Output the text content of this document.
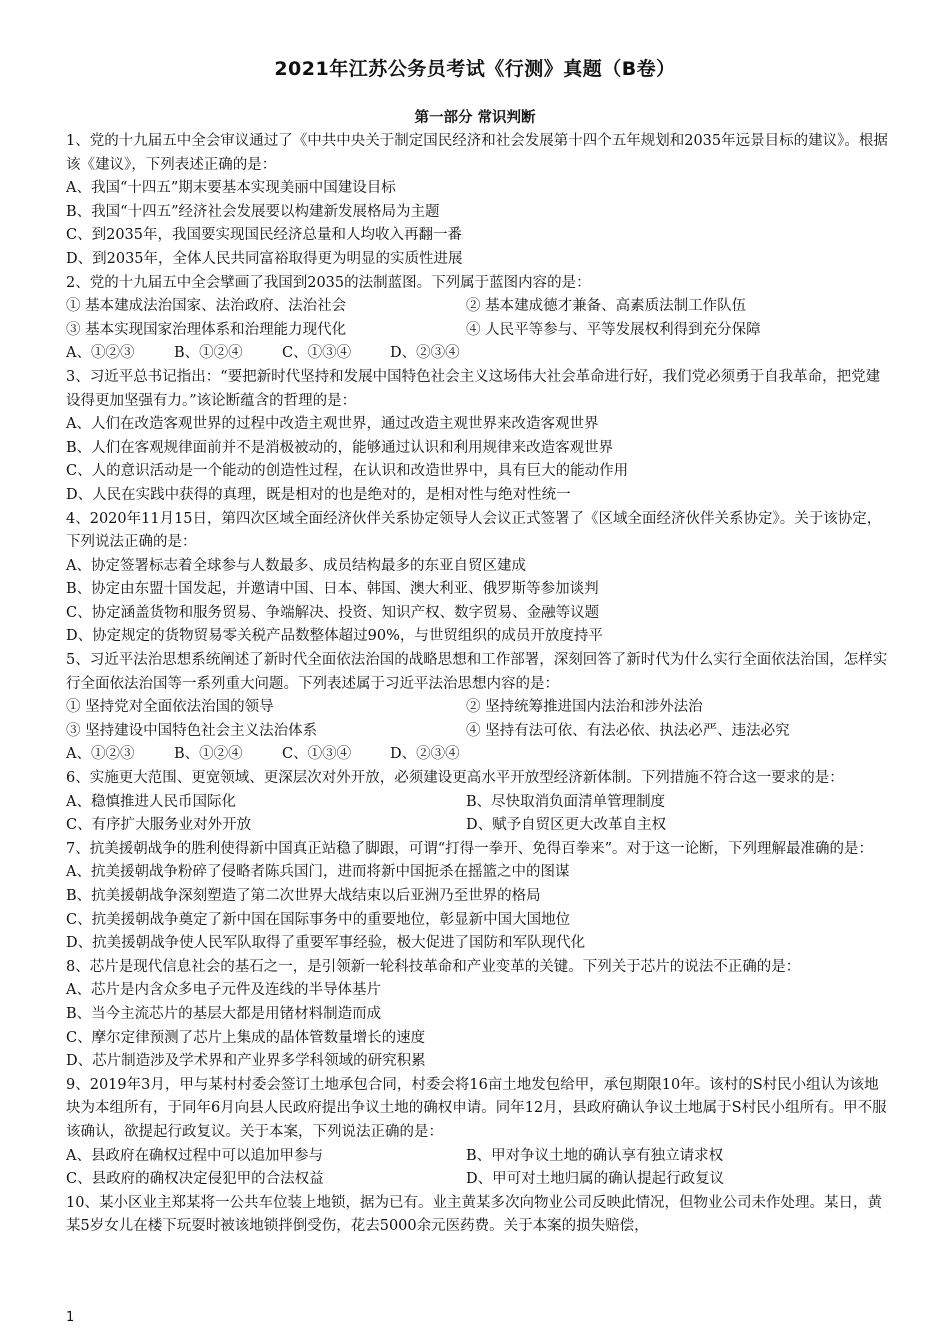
2021年江苏公务员考试《行测》真题（B卷）
第一部分 常识判断
1、党的十九届五中全会审议通过了《中共中央关于制定国民经济和社会发展第十四个五年规划和2035年远景目标的建议》。根据该《建议》，下列表述正确的是：
A、我国“十四五”期末要基本实现美丽中国建设目标
B、我国“十四五”经济社会发展要以构建新发展格局为主题
C、到2035年，我国要实现国民经济总量和人均收入再翻一番
D、到2035年，全体人民共同富裕取得更为明显的实质性进展
2、党的十九届五中全会擘画了我国到2035的法制蓝图。下列属于蓝图内容的是：
① 基本建成法治国家、法治政府、法治社会	② 基本建成德才兼备、高素质法制工作队伍
③ 基本实现国家治理体系和治理能力现代化	④ 人民平等参与、平等发展权利得到充分保障
A、①②③	B、①②④	C、①③④	D、②③④
3、习近平总书记指出：“要把新时代坚持和发展中国特色社会主义这场伟大社会革命进行好，我们党必须勇于自我革命，把党建设得更加坚强有力。”该论断蕴含的哲理的是：
A、人们在改造客观世界的过程中改造主观世界，通过改造主观世界来改造客观世界
B、人们在客观规律面前并不是消极被动的，能够通过认识和利用规律来改造客观世界
C、人的意识活动是一个能动的创造性过程，在认识和改造世界中，具有巨大的能动作用
D、人民在实践中获得的真理，既是相对的也是绝对的，是相对性与绝对性统一
4、2020年11月15日，第四次区域全面经济伙伴关系协定领导人会议正式签署了《区域全面经济伙伴关系协定》。关于该协定，下列说法正确的是：
A、协定签署标志着全球参与人数最多、成员结构最多的东亚自贸区建成
B、协定由东盟十国发起，并邀请中国、日本、韩国、澳大利亚、俄罗斯等参加谈判
C、协定涵盖货物和服务贸易、争端解决、投资、知识产权、数字贸易、金融等议题
D、协定规定的货物贸易零关税产品数整体超过90%，与世贸组织的成员开放度持平
5、习近平法治思想系统阐述了新时代全面依法治国的战略思想和工作部署，深刻回答了新时代为什么实行全面依法治国，怎样实行全面依法治国等一系列重大问题。下列表述属于习近平法治思想内容的是：
① 坚持党对全面依法治国的领导	② 坚持统筹推进国内法治和涉外法治
③ 坚持建设中国特色社会主义法治体系	④ 坚持有法可依、有法必依、执法必严、违法必究
A、①②③	B、①②④	C、①③④	D、②③④
6、实施更大范围、更宽领域、更深层次对外开放，必须建设更高水平开放型经济新体制。下列措施不符合这一要求的是：
A、稳慎推进人民币国际化	B、尽快取消负面清单管理制度
C、有序扩大服务业对外开放	D、赋予自贸区更大改革自主权
7、抗美援朝战争的胜利使得新中国真正站稳了脚跟，可谓“打得一拳开、免得百拳来”。对于这一论断，下列理解最准确的是：
A、抗美援朝战争粉碎了侵略者陈兵国门，进而将新中国扼杀在摇篮之中的图谋
B、抗美援朝战争深刻塑造了第二次世界大战结束以后亚洲乃至世界的格局
C、抗美援朝战争奠定了新中国在国际事务中的重要地位，彰显新中国大国地位
D、抗美援朝战争使人民军队取得了重要军事经验，极大促进了国防和军队现代化
8、芯片是现代信息社会的基石之一，是引领新一轮科技革命和产业变革的关键。下列关于芯片的说法不正确的是：
A、芯片是内含众多电子元件及连线的半导体基片
B、当今主流芯片的基层大都是用锗材料制造而成
C、摩尔定律预测了芯片上集成的晶体管数量增长的速度
D、芯片制造涉及学术界和产业界多学科领域的研究积累
9、2019年3月，甲与某村村委会签订土地承包合同，村委会将16亩土地发包给甲，承包期限10年。该村的S村民小组认为该地块为本组所有，于同年6月向县人民政府提出争议土地的确权申请。同年12月，县政府确认争议土地属于S村民小组所有。甲不服该确认，欲提起行政复议。关于本案，下列说法正确的是：
A、县政府在确权过程中可以追加甲参与	B、甲对争议土地的确认享有独立请求权
C、县政府的确权决定侵犯甲的合法权益	D、甲可对土地归属的确认提起行政复议
10、某小区业主郑某将一公共车位装上地锁，据为已有。业主黄某多次向物业公司反映此情况，但物业公司未作处理。某日，黄某5岁女儿在楼下玩耍时被该地锁拌倒受伤，花去5000余元医药费。关于本案的损失赔偿，
1
